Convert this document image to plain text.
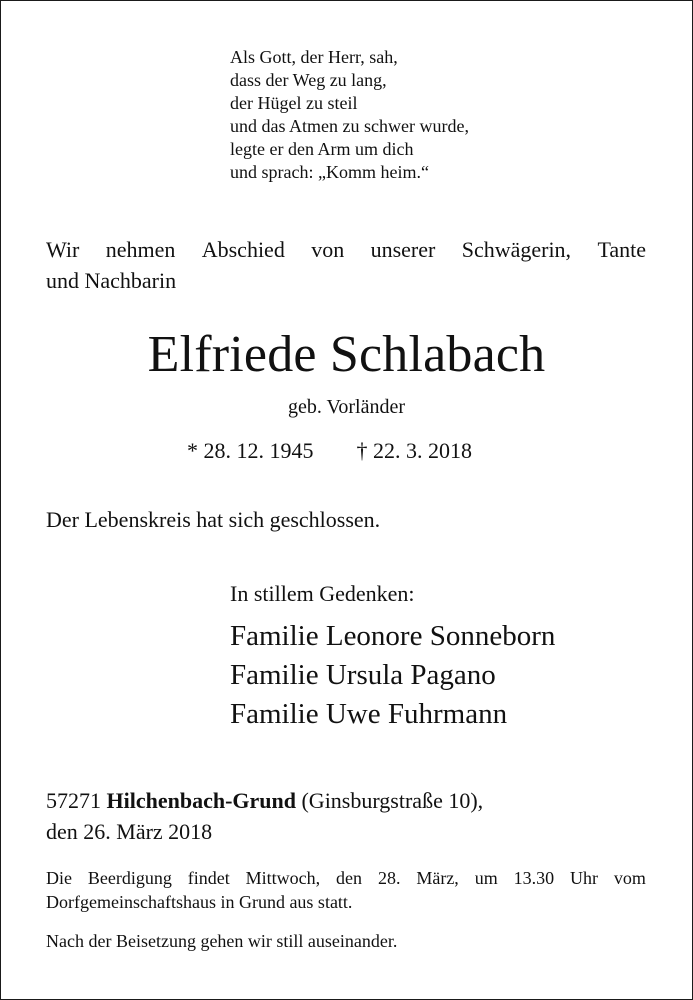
Als Gott, der Herr, sah,
dass der Weg zu lang,
der Hügel zu steil
und das Atmen zu schwer wurde,
legte er den Arm um dich
und sprach: „Komm heim.“
Wir nehmen Abschied von unserer Schwägerin, Tante
und Nachbarin
Elfriede Schlabach
geb. Vorländer
* 28. 12. 1945 † 22. 3. 2018
Der Lebenskreis hat sich geschlossen.
In stillem Gedenken:
Familie Leonore Sonneborn
Familie Ursula Pagano
Familie Uwe Fuhrmann
57271 Hilchenbach-Grund (Ginsburgstraße 10),
den 26. März 2018
Die Beerdigung findet Mittwoch, den 28. März, um 13.30 Uhr vom
Dorfgemeinschaftshaus in Grund aus statt.
Nach der Beisetzung gehen wir still auseinander.
